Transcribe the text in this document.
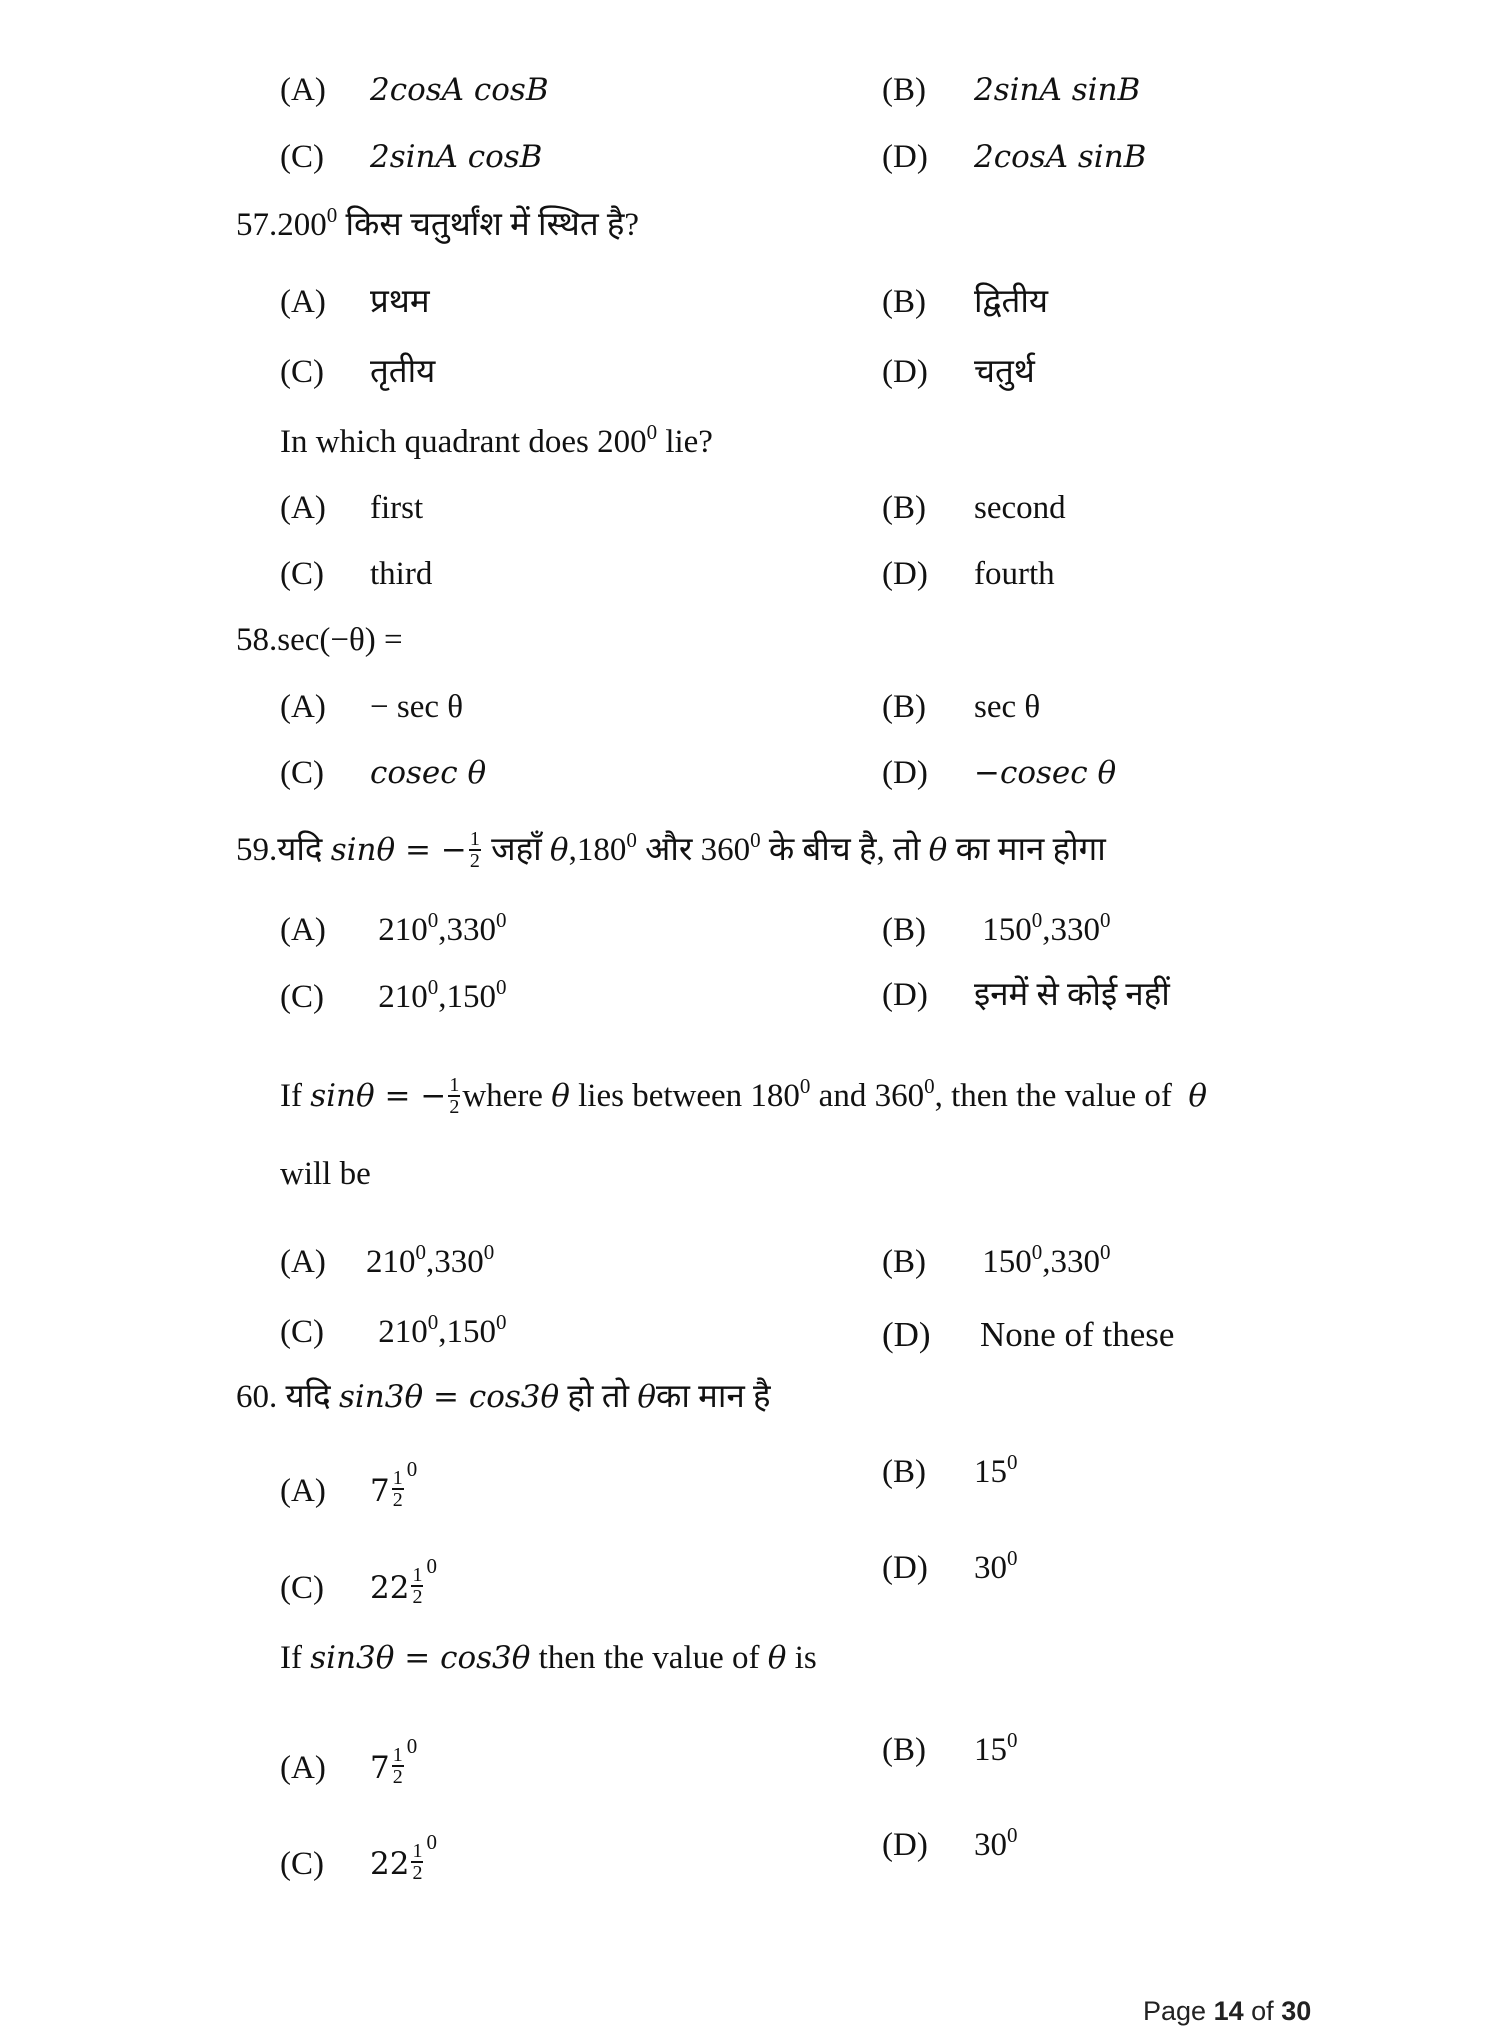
(A) 2cosA cosB	(B) 2sinA sinB
(C) 2sinA cosB	(D) 2cosA sinB
57.200$^0$ किस चतुर्थांश में स्थित है?
(A) प्रथम	(B) द्वितीय
(C) तृतीय	(D) चतुर्थ
In which quadrant does $200^0$ lie?
(A) first	(B) second
(C) third	(D) fourth
58.sec(−θ) =
(A) − sec θ	(B) sec θ
(C) cosec θ	(D) −cosec θ
59.यदि sinθ = − $\frac{1}{2}$ जहाँ θ,180$^0$ और $360^0$ के बीच है, तो θ का मान होगा
(A) $210^0,330^0$	(B) $150^0,330^0$
(C) $210^0,150^0$	(D) इनमें से कोई नहीं
If sinθ = − $\frac{1}{2}$ where θ lies between $180^0$ and $360^0$, then the value of θ
will be
(A) $210^0,330^0$	(B) $150^0,330^0$
(C) $210^0,150^0$	(D) None of these
60. यदि sin3θ = cos3θ हो तो θका मान है
(A) $7 \frac{1}{2} 0$	(B) $15^0$
(C) $22 \frac{1}{2} 0$	(D) $30^0$
If sin3θ = cos3θ then the value of θ is
(A) $7 \frac{1}{2} 0$	(B) $15^0$
(C) $22 \frac{1}{2} 0$	(D) $30^0$
Page 14 of 30
